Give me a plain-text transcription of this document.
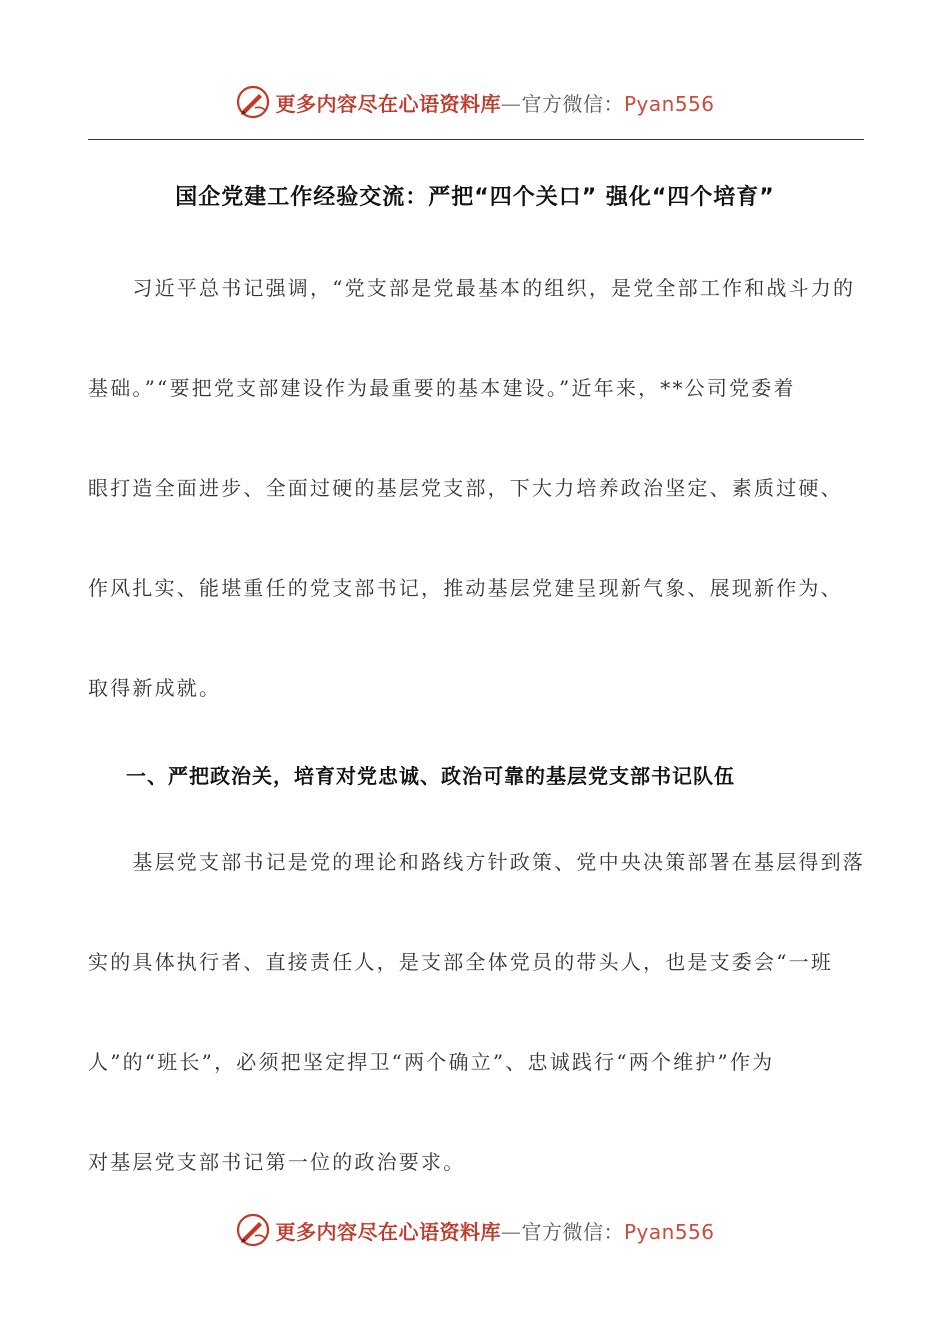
更多内容尽在心语资料库—官方微信：Pyan556
国企党建工作经验交流：严把“四个关口” 强化“四个培育”
　　习近平总书记强调，“党支部是党最基本的组织，是党全部工作和战斗力的
基础。”“要把党支部建设作为最重要的基本建设。”近年来，**公司党委着
眼打造全面进步、全面过硬的基层党支部，下大力培养政治坚定、素质过硬、
作风扎实、能堪重任的党支部书记，推动基层党建呈现新气象、展现新作为、
取得新成就。
一、严把政治关，培育对党忠诚、政治可靠的基层党支部书记队伍
　　基层党支部书记是党的理论和路线方针政策、党中央决策部署在基层得到落
实的具体执行者、直接责任人，是支部全体党员的带头人，也是支委会“一班
人”的“班长”，必须把坚定捍卫“两个确立”、忠诚践行“两个维护”作为
对基层党支部书记第一位的政治要求。
更多内容尽在心语资料库—官方微信：Pyan556
